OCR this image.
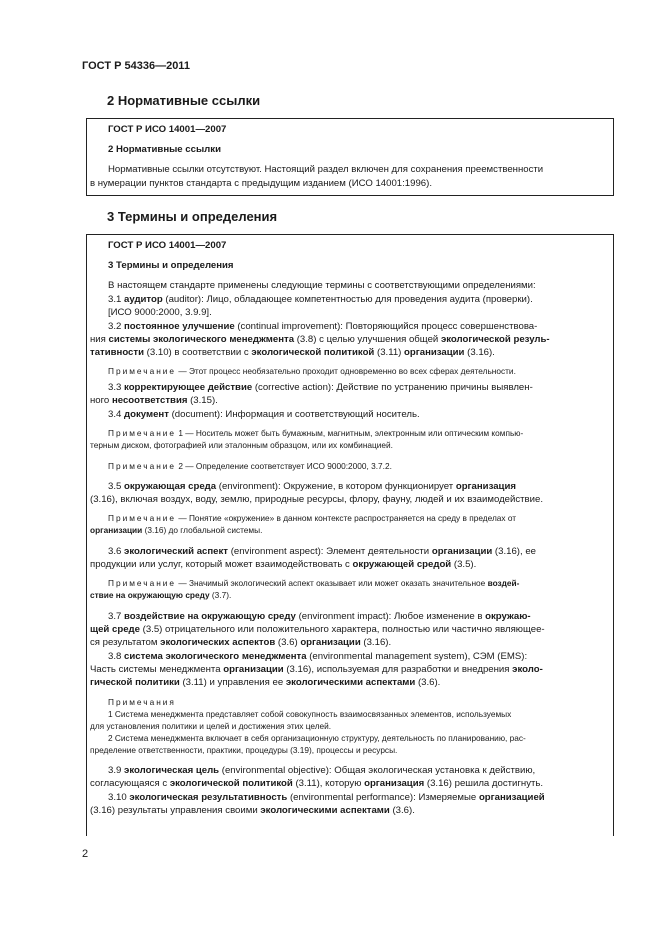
ГОСТ Р 54336—2011
2 Нормативные ссылки
ГОСТ Р ИСО 14001—2007
2 Нормативные ссылки
Нормативные ссылки отсутствуют. Настоящий раздел включен для сохранения преемственности
в нумерации пунктов стандарта с предыдущим изданием (ИСО 14001:1996).
3 Термины и определения
ГОСТ Р ИСО 14001—2007
3 Термины и определения
В настоящем стандарте применены следующие термины с соответствующими определениями:
3.1 аудитор (auditor): Лицо, обладающее компетентностью для проведения аудита (проверки).
[ИСО 9000:2000, 3.9.9].
3.2 постоянное улучшение (continual improvement): Повторяющийся процесс совершенствова-
ния системы экологического менеджмента (3.8) с целью улучшения общей экологической резуль-
тативности (3.10) в соответствии с экологической политикой (3.11) организации (3.16).
Примечание — Этот процесс необязательно проходит одновременно во всех сферах деятельности.
3.3 корректирующее действие (corrective action): Действие по устранению причины выявлен-
ного несоответствия (3.15).
3.4 документ (document): Информация и соответствующий носитель.
Примечание 1 — Носитель может быть бумажным, магнитным, электронным или оптическим компью-
терным диском, фотографией или эталонным образцом, или их комбинацией.
Примечание 2 — Определение соответствует ИСО 9000:2000, 3.7.2.
3.5 окружающая среда (environment): Окружение, в котором функционирует организация
(3.16), включая воздух, воду, землю, природные ресурсы, флору, фауну, людей и их взаимодействие.
Примечание — Понятие «окружение» в данном контексте распространяется на среду в пределах от
организации (3.16) до глобальной системы.
3.6 экологический аспект (environment aspect): Элемент деятельности организации (3.16), ее
продукции или услуг, который может взаимодействовать с окружающей средой (3.5).
Примечание — Значимый экологический аспект оказывает или может оказать значительное воздей-
ствие на окружающую среду (3.7).
3.7 воздействие на окружающую среду (environment impact): Любое изменение в окружаю-
щей среде (3.5) отрицательного или положительного характера, полностью или частично являющее-
ся результатом экологических аспектов (3.6) организации (3.16).
3.8 система экологического менеджмента (environmental management system), СЭМ (EMS):
Часть системы менеджмента организации (3.16), используемая для разработки и внедрения эколо-
гической политики (3.11) и управления ее экологическими аспектами (3.6).
Примечания
1 Система менеджмента представляет собой совокупность взаимосвязанных элементов, используемых
для установления политики и целей и достижения этих целей.
2 Система менеджмента включает в себя организационную структуру, деятельность по планированию, рас-
пределение ответственности, практики, процедуры (3.19), процессы и ресурсы.
3.9 экологическая цель (environmental objective): Общая экологическая установка к действию,
согласующаяся с экологической политикой (3.11), которую организация (3.16) решила достигнуть.
3.10 экологическая результативность (environmental performance): Измеряемые организацией
(3.16) результаты управления своими экологическими аспектами (3.6).
2
